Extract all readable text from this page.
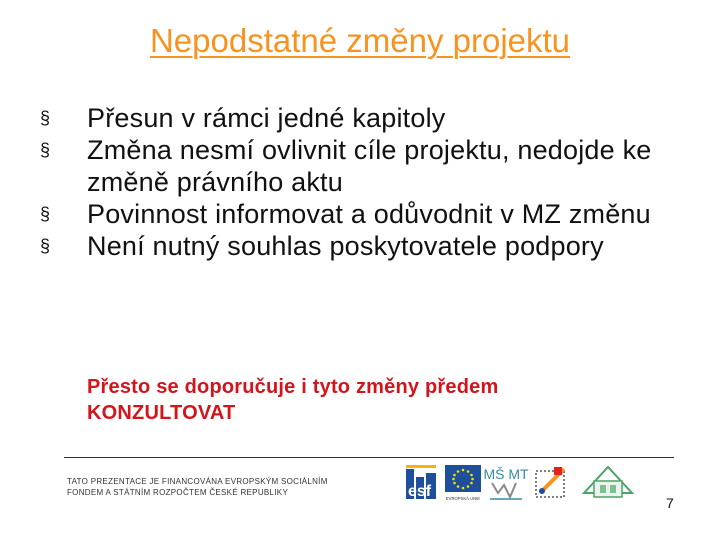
Nepodstatné změny projektu
§ Přesun v rámci jedné kapitoly
§ Změna nesmí ovlivnit cíle projektu, nedojde ke změně právního aktu
§ Povinnost informovat a odůvodnit v MZ změnu
§ Není nutný souhlas poskytovatele podpory
Přesto se doporučuje i tyto změny předem
KONZULTOVAT
TATO PREZENTACE JE FINANCOVÁNA EVROPSKÝM SOCIÁLNÍM
FONDEM A STÁTNÍM ROZPOČTEM ČESKÉ REPUBLIKY	esf	EVROPSKÁ UNIE
MŠ MT
7
